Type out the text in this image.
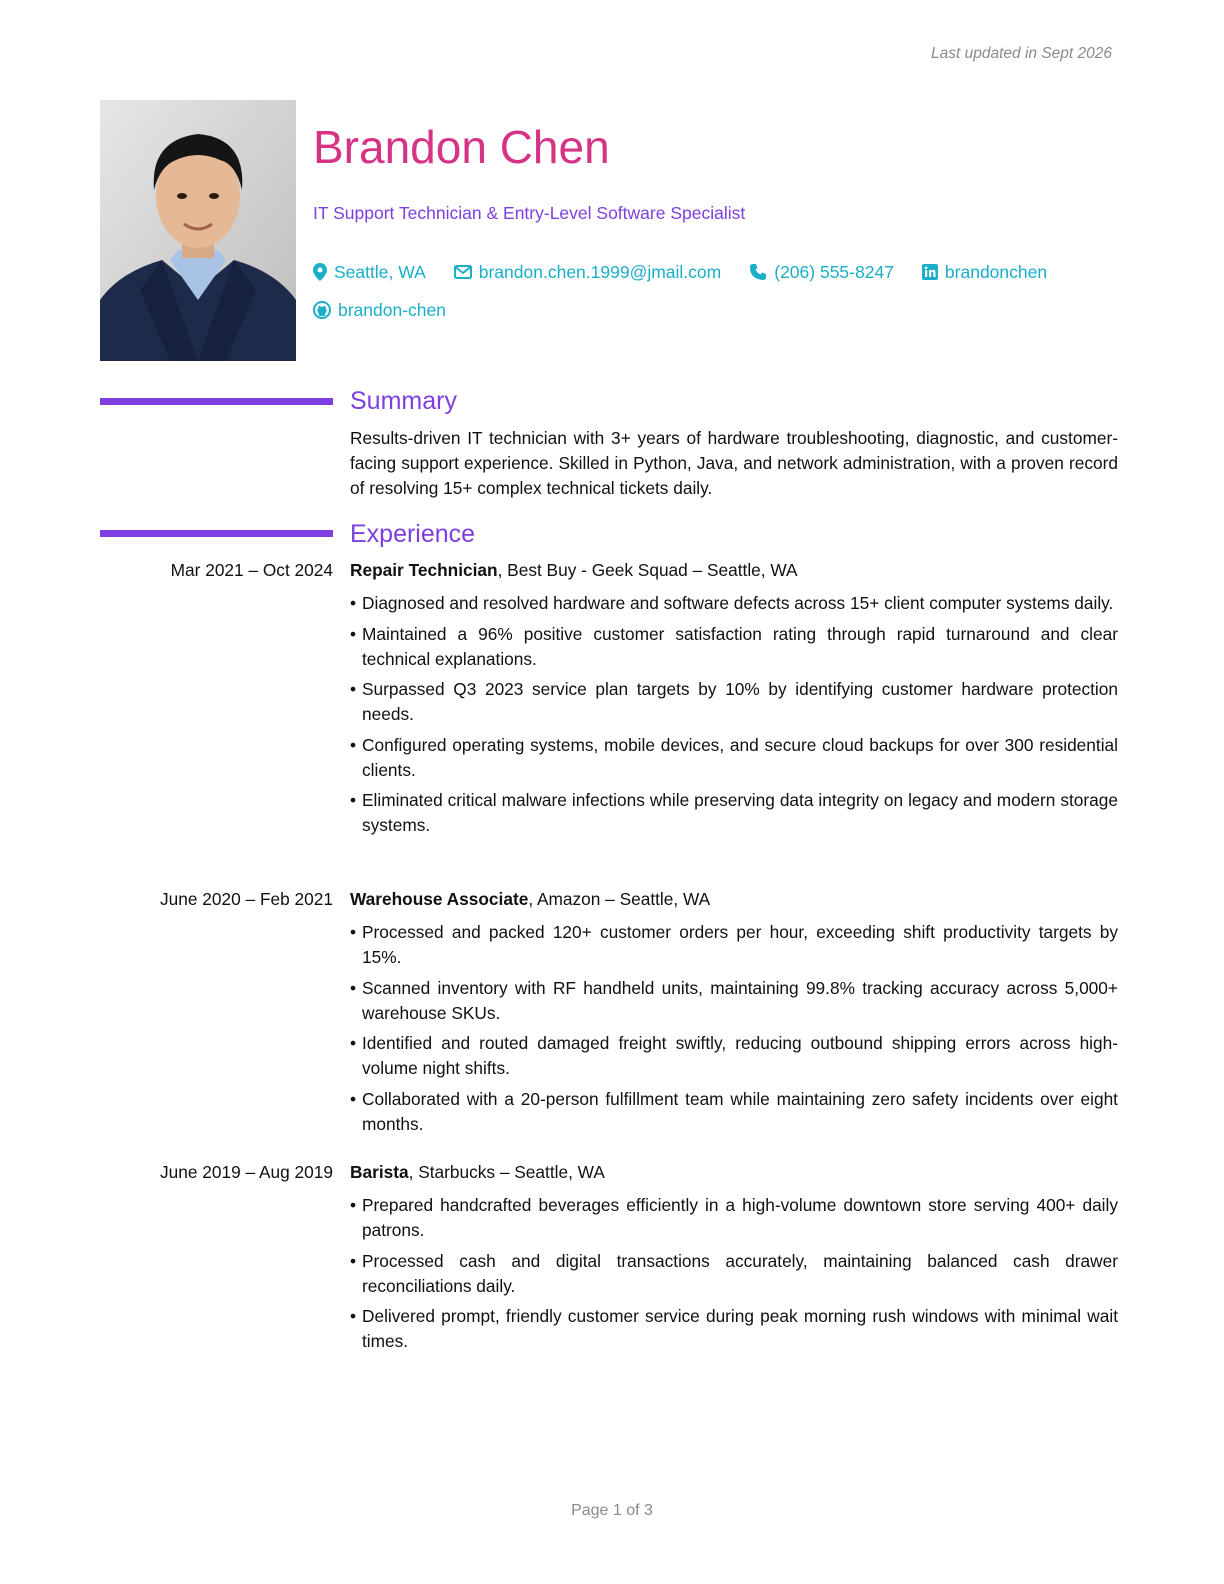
Last updated in Sept 2026
Brandon Chen
IT Support Technician & Entry-Level Software Specialist
Seattle, WA	brandon.chen.1999@jmail.com	(206) 555-8247	brandonchen
brandon-chen
Summary
Results-driven IT technician with 3+ years of hardware troubleshooting, diagnostic, and customer-facing support experience. Skilled in Python, Java, and network administration, with a proven record of resolving 15+ complex technical tickets daily.
Experience
Mar 2021 – Oct 2024 Repair Technician, Best Buy - Geek Squad – Seattle, WA
• Diagnosed and resolved hardware and software defects across 15+ client computer systems daily.
• Maintained a 96% positive customer satisfaction rating through rapid turnaround and clear technical explanations.
• Surpassed Q3 2023 service plan targets by 10% by identifying customer hardware protection needs.
• Configured operating systems, mobile devices, and secure cloud backups for over 300 residential clients.
• Eliminated critical malware infections while preserving data integrity on legacy and modern storage systems.
June 2020 – Feb 2021 Warehouse Associate, Amazon – Seattle, WA
• Processed and packed 120+ customer orders per hour, exceeding shift productivity targets by 15%.
• Scanned inventory with RF handheld units, maintaining 99.8% tracking accuracy across 5,000+ warehouse SKUs.
• Identified and routed damaged freight swiftly, reducing outbound shipping errors across high-volume night shifts.
• Collaborated with a 20-person fulfillment team while maintaining zero safety incidents over eight months.
June 2019 – Aug 2019 Barista, Starbucks – Seattle, WA
• Prepared handcrafted beverages efficiently in a high-volume downtown store serving 400+ daily patrons.
• Processed cash and digital transactions accurately, maintaining balanced cash drawer reconciliations daily.
• Delivered prompt, friendly customer service during peak morning rush windows with minimal wait times.
Page 1 of 3
